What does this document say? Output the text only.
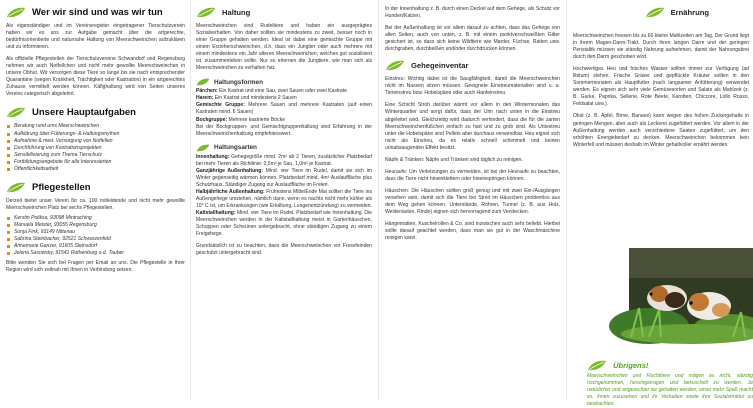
Wer wir sind und was wir tun

Als eigenständiger und im Vereinsregister eingetragener Tierschutzverein haben wir es uns zur Aufgabe gemacht über die artgerechte, bedürfnisorientierte und naturnahe Haltung von Meerschweinchen aufzuklären und zu informieren.

Als offizielle Pflegestellen der Tierschutzvereine Schwandorf und Regensburg nehmen wir auch Notfellchen und nicht mehr gewollte Meerschweinchen in unsere Obhut. Wir versorgen diese Tiere so lange bis sie nach entsprechender Quarantäne (wegen Krankheit, Trächtigkeit oder Kastration) in ein artgerechtes Zuhause vermittelt werden können. Käfighaltung wird von Seiten unseres Vereins categorisch abgelehnt.

Unsere Hauptaufgaben
Beratung rund ums Meerschweinchen
Aufklärung über Fütterungs- & Haltungsmythen
Aufnahme & med. Versorgung von Notfellen
Durchführung von Kastrationsprojekten
Sensibilisierung zum Thema Tierschutz
Fortbildungsangebote für alle Interessierten
Öffentlichkeitsarbeit
Pflegestellen

Derzeit bietet unser Verein für ca. 100 notleidende und nicht mehr gewollte Meerschweinchen Platz bei sechs Pflegestellen.

Kerstin Poliksa, 93098 Mintraching
Manuela Meister, 93055 Regensburg
Sonja Fink, 93149 Nittenau
Sabrina Steinbacher, 92521 Schwarzenfeld
Annemarie Ganzer, 91605 Steinsdorf
Jelena Sasowsky, 91541 Rothenburg o.d. Tauber

Bitte wenden Sie sich bei Fragen per Email an uns. Die Pflegestelle in Ihrer Region wird sich zeitnah mit Ihnen in Verbindung setzen.

Haltung

Meerschweinchen sind Rudeltiere und haben ein ausgeprägtes Sozialverhalten. Von daher sollten sie mindestens zu zweit, besser noch in einer Gruppe gehalten werden. Ideal ist dabei eine gemischte Gruppe mit einem Erzieherschweinchen, d.h. dass ein Jungtier oder auch mehrere mit einem mindestens ein Jahr alteren Meerschweinchen, welches gut sozialisiert ist, zusammenleben sollte. Nur so erlernen die Jungtiere, wie man sich als Meerschweinchen zu verhalten hat.

Haltungsformen

Pärchen: Ein Kastrat und eine Sau, zwei Sauen oder zwei Kastrate

Harem: Ein Kastrat und mindestens 2 Sauen

Gemischte Gruppe: Mehrere Sauen und mehrere Kastraten (auf einen Kastraten mind. 6 Sauen)

Bockgruppe: Mehrere kastrierte Böcke

Bei der Bockgruppen- und Gemischtgruppenhaltung sind Erfahrung in der Meerschweinchenhaltung empfehlenswert.

Haltungsarten

Innenhaltung: Gehegegröße mind. 2m² ab 2 Tieren, zusätzlicher Platzbedarf bei mehr Tieren als Richtlinie: 0,5m² je Sau, 1,0m² je Kastrat.

Ganzjährige Außenhaltung: Mind. vier Tiere im Rudel, damit sie sich im Winter gegenseitig wärmen können. Platzbedarf mind. 4m² Auslauffläche plus Schutzhaus. Ständiger Zugang zur Auslauffläche im Freien.

Halbjährliche Außenhaltung: Frühestens Mitte/Ende Mai sollten die Tiere ins Außengehege umziehen, nämlich dann, wenn es nachts nicht mehr kühler als 10° C ist, um Erkrankungen (wie Erkältung, Lungenentzündung) zu vermeiden.

Kaltstallhaltung: Mind. vier Tiere im Rudel. Platzbedarf wie Innenhaltung. Die Meerschweinchen werden in der Kaltstallhaltung meist in Gartenhäuschen, Schuppen oder Scheunen untergebracht, ohne ständigen Zugang zu einem Freigehege.

Grundsätzlich ist zu beachten, dass die Meerschweinchen vor Fressfeinden geschützt untergebracht sind.

In der Innenhaltung z. B. durch einen Deckel auf dem Gehege, als Schutz vor Hunden/Katzen.

Bei der Außenhaltung ist vor allem darauf zu achten, dass das Gehege von allen Seiten, auch von unten, z. B. mit einem punktverschweißten Gitter gesichert ist, so dass sich keine Wildtiere wie Marder, Füchse, Ratten usw. durchgraben, durchbeißen und/oder durchdrücken können.

Gehegeinventar

Einstreu: Wichtig dabei ist die Saugfähigkeit, damit die Meerschweinchen nicht im Nassen sitzen müssen. Geeignete Einstreumaterialien sind u. a. Tiereinstreu bzw. Hobelspäne oder auch Hanfeinstreu.

Eine Schicht Stroh darüber wärmt vor allem in den Wintermonaten das Winterquartier und sorgt dafür, dass der Urin nach unten in die Einstreu abgeleitet wird. Gleichzeitig wird dadurch verhindert, dass die für die zarten Meerschweinchenfüßchen einfach zu hart und zu grob sind. Als Untestreu unter die Hobelspäne sind Pellets aber durchaus verwendbar. Heu eignet sich nicht als Einstreu, da es relativ schnell schimmelt und keinen urinabsaugenden Effekt besitzt.

Näpfe & Tränken: Näpfe und Tränken sind täglich zu reinigen.

Heuraufe: Um Verletzungen zu vermeiden, ist bei der Heuraufe zu beachten, dass die Tiere nicht hineinklettern oder hineinspringen können.

Häuschen: Die Häuschen sollten groß genug und mit zwei Ein-/Ausgängen versehen sein, damit sich die Tiere bei Streit im Häuschen problemlos aus dem Weg gehen können. Unterstände, Röhren, Tunnel (z. B. aus Holz, Weidenästen, Rinde) eignen sich hervorragend zum Verstecken.

Hängematten, Kuschelrollen & Co. sind inzwischen auch sehr beliebt. Hierbei sollte darauf geachtet werden, dass man sie gut in der Waschmaschine reinigen kann.

Ernährung

Meerschweinchen fressen bis zu 60 kleine Mahlzeiten am Tag. Der Grund liegt in ihrem Magen-Darm-Trakt. Durch ihren langen Darm und der geringen Peristaltik müssen sie ständig Nahrung aufnehmen, damit der Nahrungsbrei durch den Darm geschoben wird.

Hochwertiges Heu und frisches Wasser sollten immer zur Verfügung (ad libitum) stehen. Frische Gräser und gepflückte Kräuter sollten in den Sommermonaten als Hauptfutter (nach langsamer Anfütterung) verwendet werden. Es eignen sich sehr viele Gemüsesorten und Salate als Mahlzeit (z. B. Gurke, Paprika, Sellerie, Rote Beete, Karotten, Chiccore, Lollo Rosso, Feldsalat usw.).

Obst (z. B. Apfel, Birne, Banane) kann wegen des hohen Zuckergehalts in geringen Mengen, aber auch als Leckerei zugefüttert werden. Vor allem in der Außenhaltung werden auch verschiedene Saaten zugefüttert, um den erhöhten Energiebedarf zu decken. Meerschweinchen bekommen kein Winterfell und müssen deshalb im Winter gehaltvoller ernährt werden.

Übrigens!

Meerschweinchen und Fluchttiere und mögen es nicht, ständig hochgenommen, herumgetragen und bekuschelt zu werden. Je natürlicher und artgerechter sie gehalten werden, umso mehr Spaß macht es, ihnen zuzusehen und ihr Verhalten sowie ihre Sozialstruktur zu beobachten.
